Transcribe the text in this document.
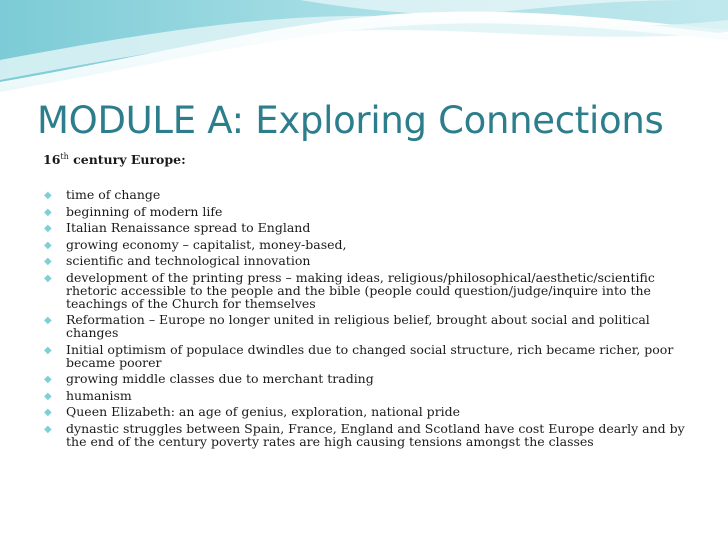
MODULE A: Exploring Connections
16th century Europe:
◆ time of change
◆ beginning of modern life
◆ Italian Renaissance spread to England
◆ growing economy – capitalist, money-based,
◆ scientific and technological innovation
◆ development of the printing press – making ideas, religious/philosophical/aesthetic/scientific rhetoric accessible to the people and the bible (people could question/judge/inquire into the teachings of the Church for themselves
◆ Reformation – Europe no longer united in religious belief, brought about social and political changes
◆ Initial optimism of populace dwindles due to changed social structure, rich became richer, poor became poorer
◆ growing middle classes due to merchant trading
◆ humanism
◆ Queen Elizabeth: an age of genius, exploration, national pride
◆ dynastic struggles between Spain, France, England and Scotland have cost Europe dearly and by the end of the century poverty rates are high causing tensions amongst the classes
